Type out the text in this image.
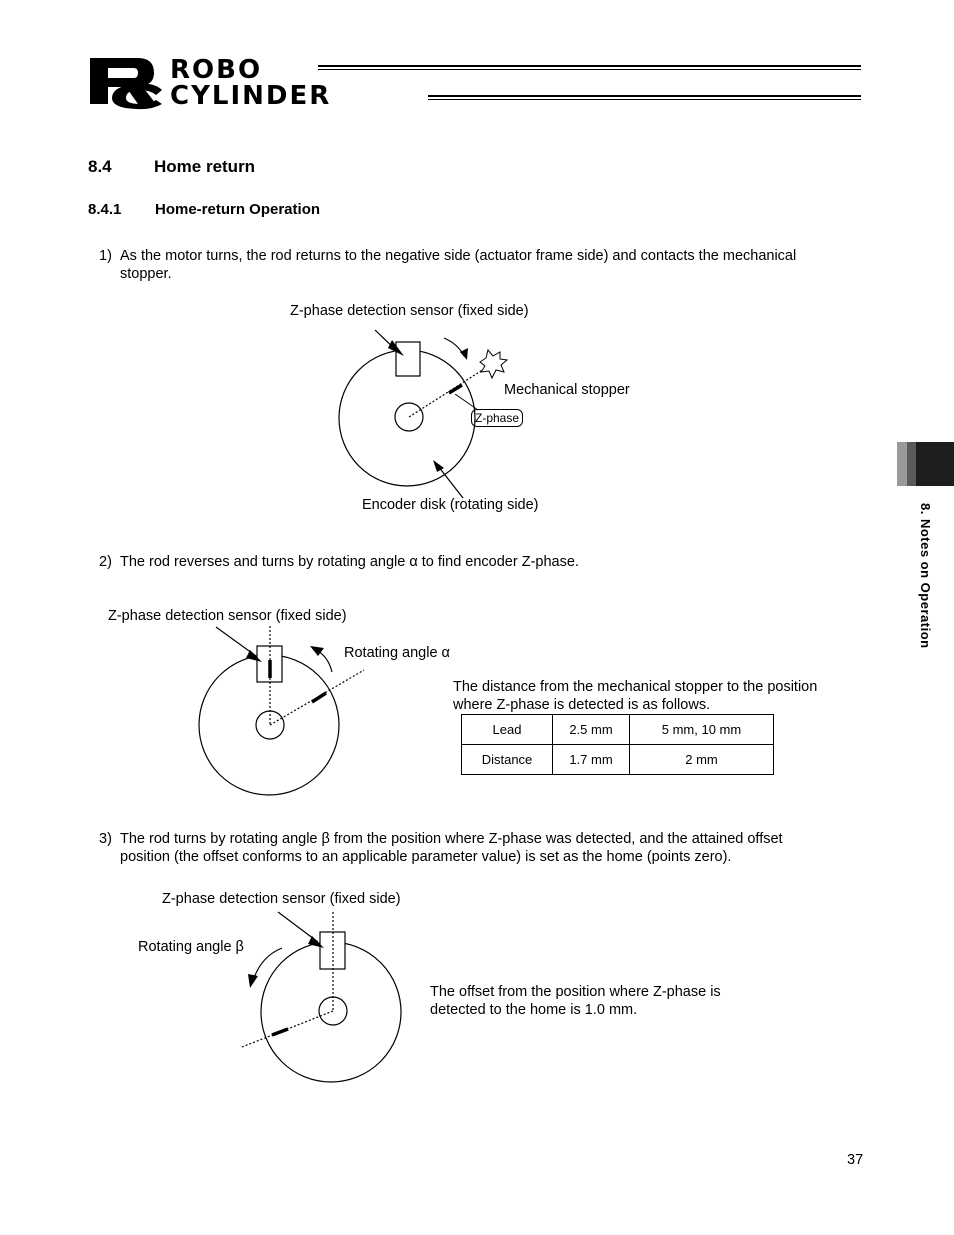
ROBO
CYLINDER
8.4 Home return
8.4.1 Home-return Operation
1) As the motor turns, the rod returns to the negative side (actuator frame side) and contacts the mechanical
stopper.
Z-phase detection sensor (fixed side)
Mechanical stopper
Encoder disk (rotating side)
Z-phase
2) The rod reverses and turns by rotating angle α to find encoder Z-phase.
Z-phase detection sensor (fixed side)
Rotating angle α
The distance from the mechanical stopper to the position
where Z-phase is detected is as follows.
Lead	2.5 mm	5 mm, 10 mm
Distance	1.7 mm	2 mm
3) The rod turns by rotating angle β from the position where Z-phase was detected, and the attained offset
position (the offset conforms to an applicable parameter value) is set as the home (points zero).
Z-phase detection sensor (fixed side)
Rotating angle β
The offset from the position where Z-phase is
detected to the home is 1.0 mm.
8. Notes on Operation
37
